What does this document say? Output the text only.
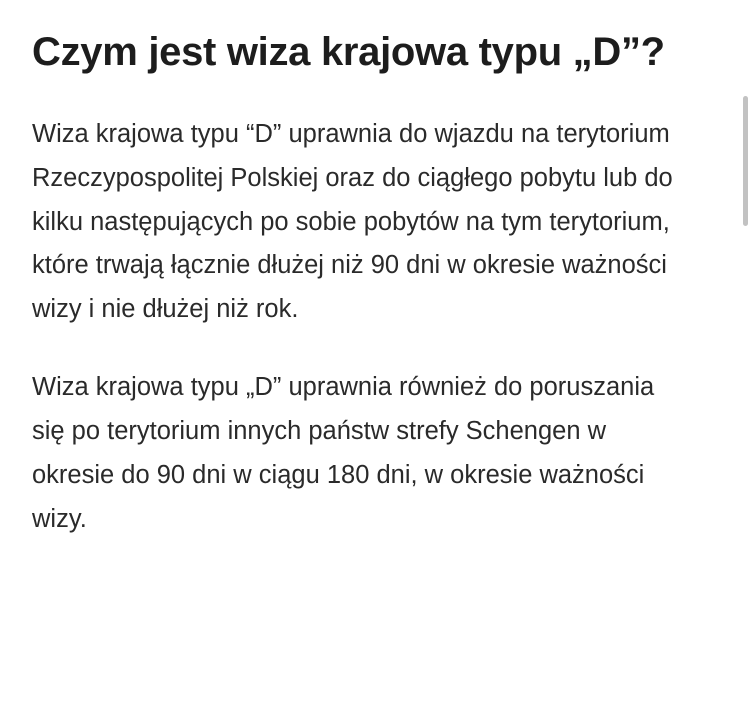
Czym jest wiza krajowa typu „D”?

Wiza krajowa typu “D” uprawnia do wjazdu na terytorium Rzeczypospolitej Polskiej oraz do ciągłego pobytu lub do kilku następujących po sobie pobytów na tym terytorium, które trwają łącznie dłużej niż 90 dni w okresie ważności wizy i nie dłużej niż rok.

Wiza krajowa typu „D” uprawnia również do poruszania się po terytorium innych państw strefy Schengen w okresie do 90 dni w ciągu 180 dni, w okresie ważności wizy.
